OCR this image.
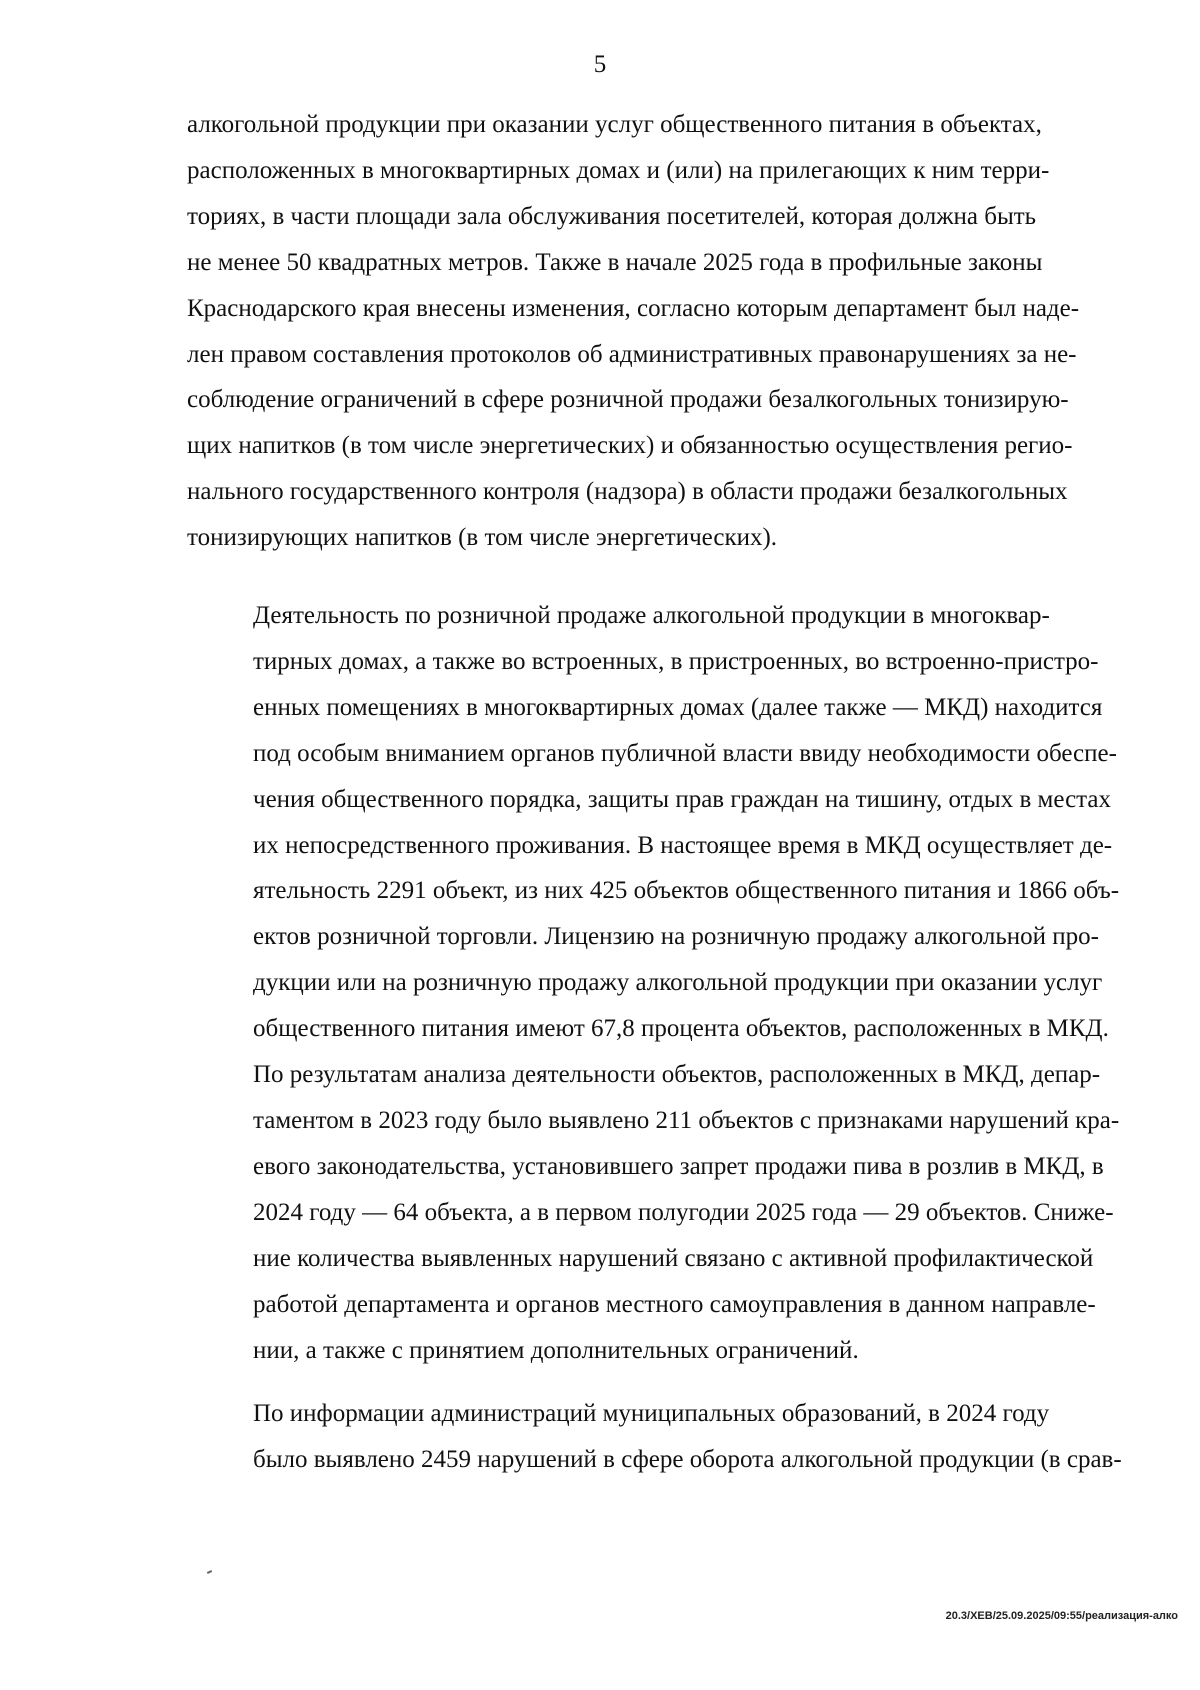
5
алкогольной продукции при оказании услуг общественного питания в объектах,
расположенных в многоквартирных домах и (или) на прилегающих к ним терри-
ториях, в части площади зала обслуживания посетителей, которая должна быть
не менее 50 квадратных метров. Также в начале 2025 года в профильные законы
Краснодарского края внесены изменения, согласно которым департамент был наде-
лен правом составления протоколов об административных правонарушениях за не-
соблюдение ограничений в сфере розничной продажи безалкогольных тонизирую-
щих напитков (в том числе энергетических) и обязанностью осуществления регио-
нального государственного контроля (надзора) в области продажи безалкогольных
тонизирующих напитков (в том числе энергетических).
Деятельность по розничной продаже алкогольной продукции в многоквар-
тирных домах, а также во встроенных, в пристроенных, во встроенно-пристро-
енных помещениях в многоквартирных домах (далее также — МКД) находится
под особым вниманием органов публичной власти ввиду необходимости обеспе-
чения общественного порядка, защиты прав граждан на тишину, отдых в местах
их непосредственного проживания. В настоящее время в МКД осуществляет де-
ятельность 2291 объект, из них 425 объектов общественного питания и 1866 объ-
ектов розничной торговли. Лицензию на розничную продажу алкогольной про-
дукции или на розничную продажу алкогольной продукции при оказании услуг
общественного питания имеют 67,8 процента объектов, расположенных в МКД.
По результатам анализа деятельности объектов, расположенных в МКД, депар-
таментом в 2023 году было выявлено 211 объектов с признаками нарушений кра-
евого законодательства, установившего запрет продажи пива в розлив в МКД, в
2024 году — 64 объекта, а в первом полугодии 2025 года — 29 объектов. Сниже-
ние количества выявленных нарушений связано с активной профилактической
работой департамента и органов местного самоуправления в данном направле-
нии, а также с принятием дополнительных ограничений.
По информации администраций муниципальных образований, в 2024 году
было выявлено 2459 нарушений в сфере оборота алкогольной продукции (в срав-
20.3/ХЕВ/25.09.2025/09:55/реализация-алко
